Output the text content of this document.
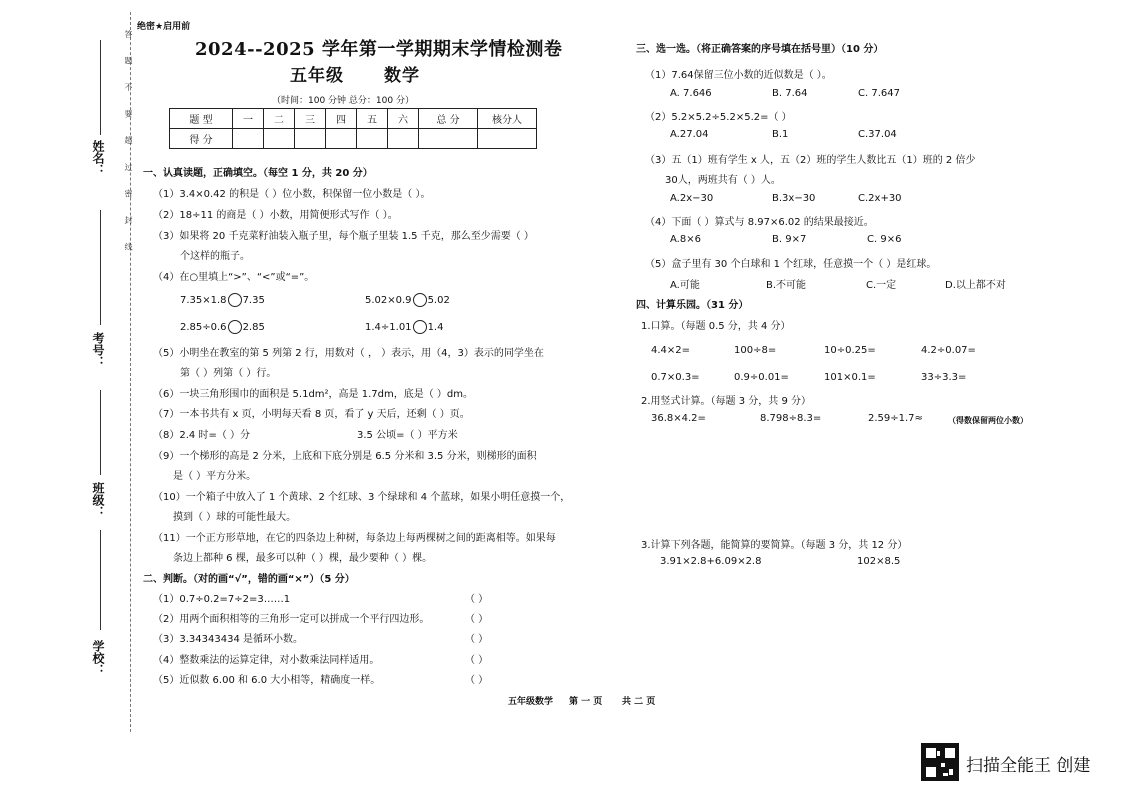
答 题 不 要 超 过 密 封 线
姓名：
考号：
班级：
学校：
绝密★启用前
2024--2025 学年第一学期期末学情检测卷
五年级 数学
（时间：100 分钟 总分：100 分）
题 型	一	二	三	四	五	六	总 分	核分人
得 分								
一、认真读题，正确填空。（每空 1 分，共 20 分）
（1）3.4×0.42 的积是（ ）位小数，积保留一位小数是（ ）。
（2）18÷11 的商是（ ）小数，用简便形式写作（ ）。
（3）如果将 20 千克菜籽油装入瓶子里，每个瓶子里装 1.5 千克，那么至少需要（ ）
个这样的瓶子。
（4）在○里填上“>”、“<”或“=”。
7.35×1.8 7.35	5.02×0.9 5.02
2.85÷0.6 2.85	1.4÷1.01 1.4
（5）小明坐在教室的第 5 列第 2 行，用数对（ ， ）表示，用（4，3）表示的同学坐在
第（ ）列第（ ）行。
（6）一块三角形围巾的面积是 5.1dm²，高是 1.7dm，底是（ ）dm。
（7）一本书共有 x 页，小明每天看 8 页，看了 y 天后，还剩（ ）页。
（8）2.4 时=（ ）分	3.5 公顷=（ ）平方米
（9）一个梯形的高是 2 分米，上底和下底分别是 6.5 分米和 3.5 分米，则梯形的面积
是（ ）平方分米。
（10）一个箱子中放入了 1 个黄球、2 个红球、3 个绿球和 4 个蓝球，如果小明任意摸一个，
摸到（ ）球的可能性最大。
（11）一个正方形草地，在它的四条边上种树，每条边上每两棵树之间的距离相等。如果每
条边上都种 6 棵，最多可以种（ ）棵，最少要种（ ）棵。
二、判断。（对的画“√”，错的画“×”）（5 分）
（1）0.7÷0.2=7÷2=3……1	（ ）
（2）用两个面积相等的三角形一定可以拼成一个平行四边形。	（ ）
（3）3.34343434 是循环小数。	（ ）
（4）整数乘法的运算定律，对小数乘法同样适用。	（ ）
（5）近似数 6.00 和 6.0 大小相等，精确度一样。	（ ）
三、选一选。（将正确答案的序号填在括号里）（10 分）
（1）7.64保留三位小数的近似数是（ ）。
A. 7.646	B. 7.64	C. 7.647
（2）5.2×5.2÷5.2×5.2=（ ）
A.27.04	B.1	C.37.04
（3）五（1）班有学生 x 人，五（2）班的学生人数比五（1）班的 2 倍少
30人，两班共有（ ）人。
A.2x−30	B.3x−30	C.2x+30
（4）下面（ ）算式与 8.97×6.02 的结果最接近。
A.8×6	B. 9×7	C. 9×6
（5）盒子里有 30 个白球和 1 个红球，任意摸一个（ ）是红球。
A.可能	B.不可能	C.一定	D.以上都不对
四、计算乐园。（31 分）
1.口算。（每题 0.5 分，共 4 分）
4.4×2=	100÷8=	10÷0.25=	4.2÷0.07=
0.7×0.3=	0.9÷0.01=	101×0.1=	33÷3.3=
2.用竖式计算。（每题 3 分，共 9 分）
36.8×4.2=	8.798÷8.3=	2.59÷1.7≈	（得数保留两位小数）
3.计算下列各题，能简算的要简算。（每题 3 分，共 12 分）
3.91×2.8+6.09×2.8	102×8.5
五年级数学 第 一 页 共 二 页
扫描全能王 创建
